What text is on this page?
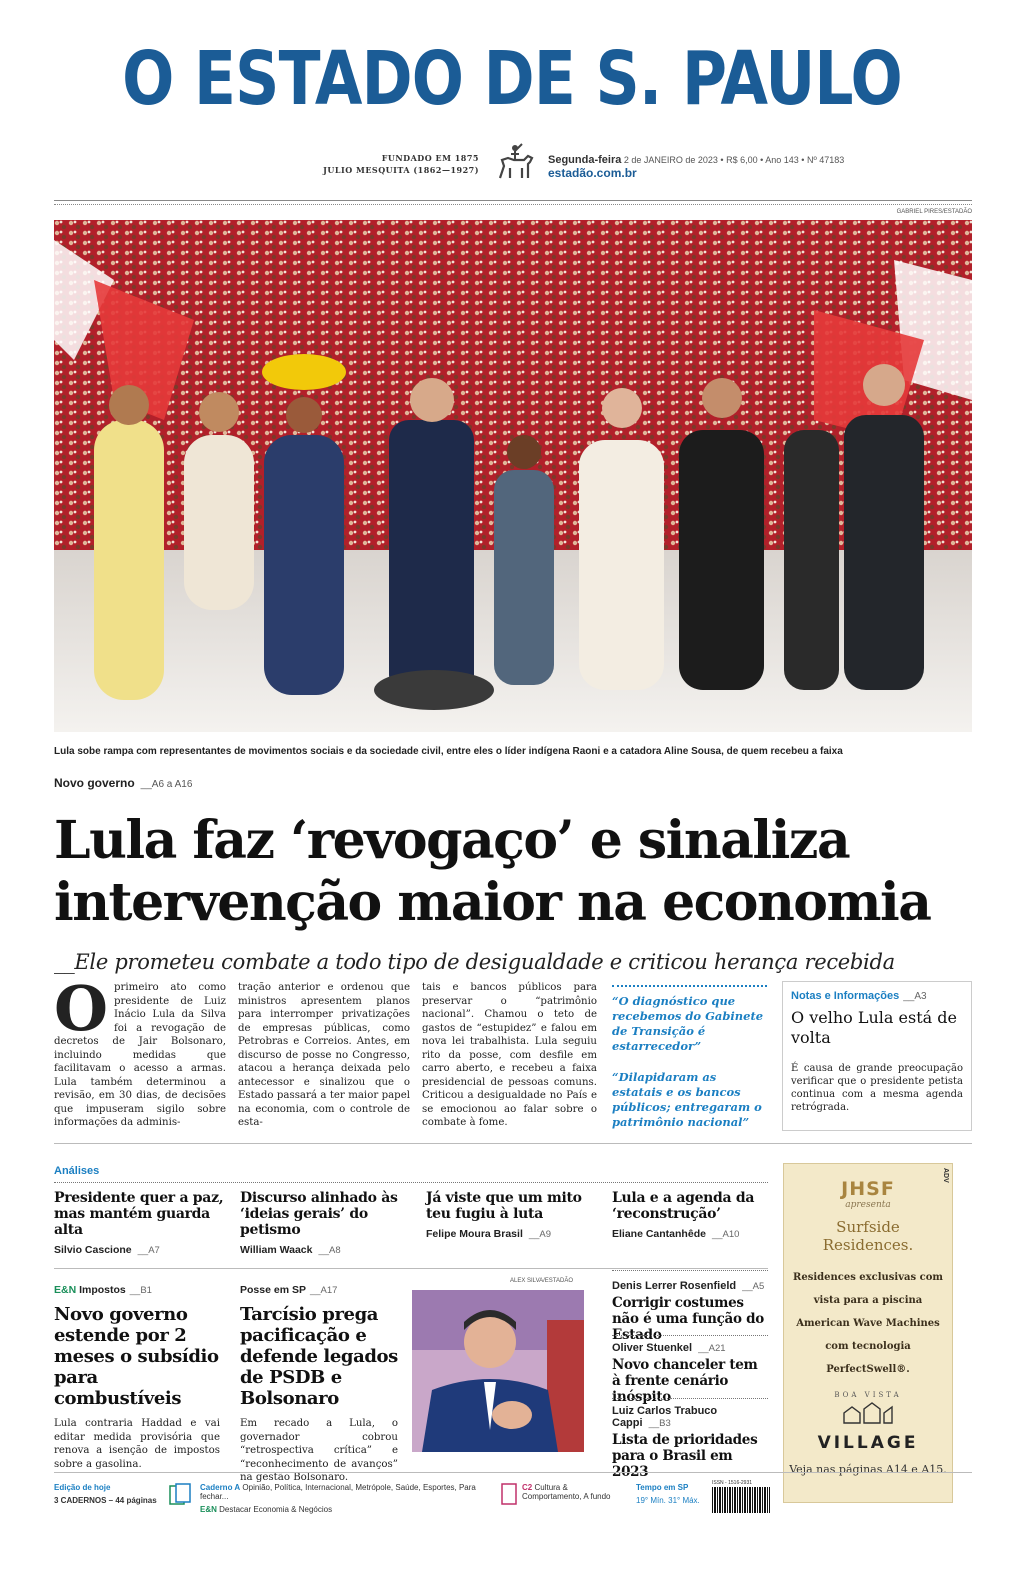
O ESTADO DE S. PAULO
FUNDADO EM 1875
JULIO MESQUITA (1862—1927)
Segunda-feira 2 de JANEIRO de 2023 • R$ 6,00 • Ano 143 • Nº 47183
estadão.com.br
GABRIEL PIRES/ESTADÃO
Lula sobe rampa com representantes de movimentos sociais e da sociedade civil, entre eles o líder indígena Raoni e a catadora Aline Sousa, de quem recebeu a faixa
Novo governo __A6 a A16
Lula faz ‘revogaço’ e sinaliza
intervenção maior na economia
__Ele prometeu combate a todo tipo de desigualdade e criticou herança recebida
Oprimeiro ato como presidente de Luiz Inácio Lula da Silva foi a revogação de decretos de Jair Bolsonaro, incluindo medidas que facilitavam o acesso a armas. Lula também determinou a revisão, em 30 dias, de decisões que impuseram sigilo sobre informações da adminis-
tração anterior e ordenou que ministros apresentem planos para interromper privatizações de empresas públicas, como Petrobras e Correios. Antes, em discurso de posse no Congresso, atacou a herança deixada pelo antecessor e sinalizou que o Estado passará a ter maior papel na economia, com o controle de esta-
tais e bancos públicos para preservar o “patrimônio nacional”. Chamou o teto de gastos de “estupidez” e falou em nova lei trabalhista. Lula seguiu rito da posse, com desfile em carro aberto, e recebeu a faixa presidencial de pessoas comuns. Criticou a desigualdade no País e se emocionou ao falar sobre o combate à fome.
“O diagnóstico que recebemos do Gabinete de Transição é estarrecedor”
“Dilapidaram as estatais e os bancos públicos; entregaram o patrimônio nacional”
Notas e Informações __A3
O velho Lula está de volta
É causa de grande preocupação verificar que o presidente petista continua com a mesma agenda retrógrada.
Análises
Presidente quer a paz, mas mantém guarda alta
Silvio Cascione __A7
Discurso alinhado às ‘ideias gerais’ do petismo
William Waack __A8
Já viste que um mito teu fugiu à luta
Felipe Moura Brasil __A9
Lula e a agenda da ‘reconstrução’
Eliane Cantanhêde __A10
E&N Impostos __B1
Novo governo estende por 2 meses o subsídio para combustíveis
Lula contraria Haddad e vai editar medida provisória que renova a isenção de impostos sobre a gasolina.
Posse em SP __A17
Tarcísio prega pacificação e defende legados de PSDB e Bolsonaro
Em recado a Lula, o governador cobrou “retrospectiva crítica” e “reconhecimento de avanços” na gestão Bolsonaro.
ALEX SILVA/ESTADÃO	Denis Lerrer Rosenfield __A5
Corrigir costumes não é uma função do Estado
Oliver Stuenkel __A21
Novo chanceler tem à frente cenário inóspito
Luiz Carlos Trabuco Cappi __B3
Lista de prioridades para o Brasil em 2023
ADV
JHSF
apresenta
Surfside
Residences.
Residences exclusivas com vista para a piscina American Wave Machines com tecnologia PerfectSwell®.
BOA VISTA
VILLAGE
Veja nas páginas A14 e A15.
Edição de hoje
3 CADERNOS – 44 páginas
Caderno A Opinião, Política, Internacional, Metrópole, Saúde, Esportes, Para fechar...
E&N Destacar Economia & Negócios
C2 Cultura & Comportamento, A fundo
Tempo em SP
19° Mín. 31° Máx.
ISSN - 1516-2931
